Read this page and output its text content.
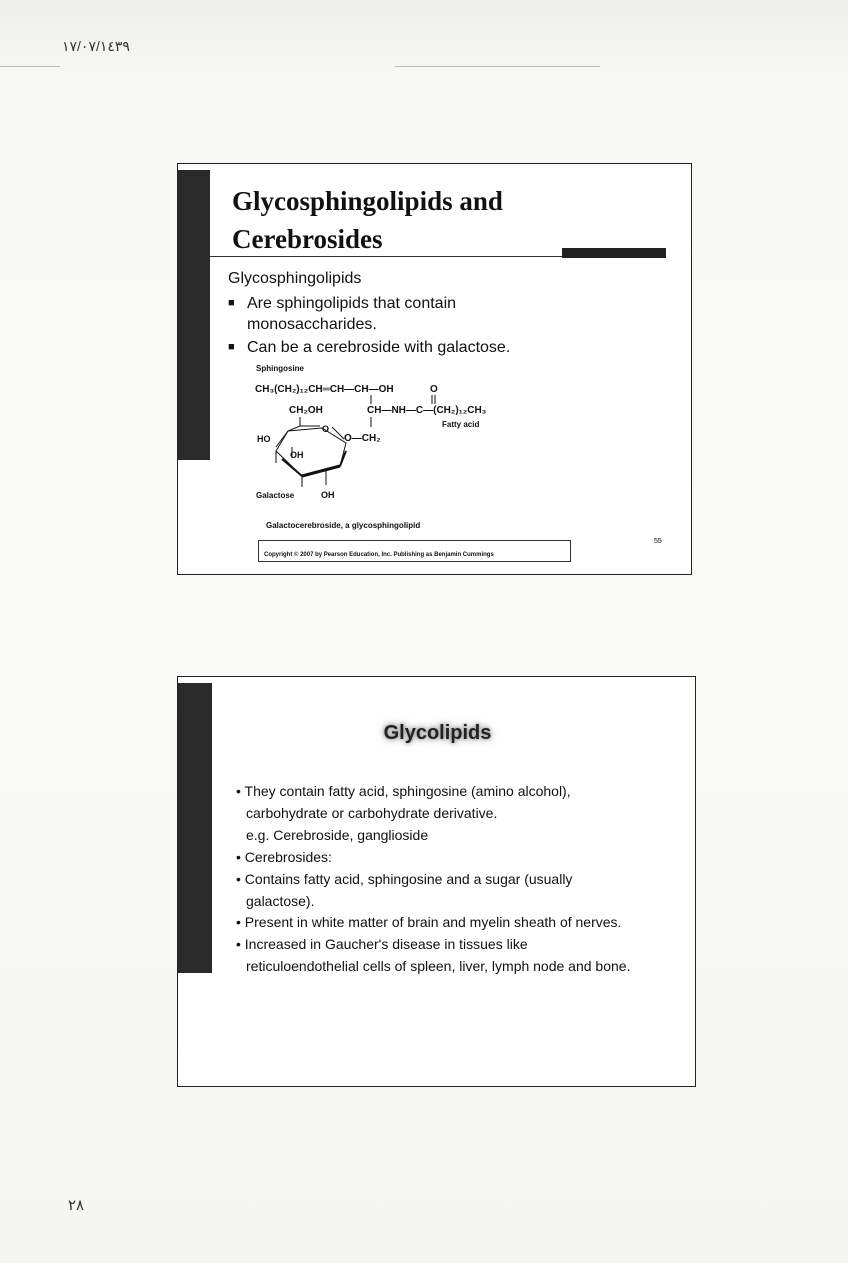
١٧/٠٧/١٤٣٩
Glycosphingolipids and
Cerebrosides
Glycosphingolipids
■ Are sphingolipids that contain
monosaccharides.
■ Can be a cerebroside with galactose.
Sphingosine
CH₃(CH₂)₁₂CH═CH—CH—OH	O
CH₂OH	CH—NH—C—(CH₂)₁₂CH₃
Fatty acid
O
HO	O—CH₂
OH
Galactose	OH
Galactocerebroside, a glycosphingolipid
55
Copyright © 2007 by Pearson Education, Inc. Publishing as Benjamin Cummings
Glycolipids
• They contain fatty acid, sphingosine (amino alcohol),
carbohydrate or carbohydrate derivative.
e.g. Cerebroside, ganglioside
• Cerebrosides:
• Contains fatty acid, sphingosine and a sugar (usually
galactose).
• Present in white matter of brain and myelin sheath of nerves.
• Increased in Gaucher's disease in tissues like
reticuloendothelial cells of spleen, liver, lymph node and bone.
٢٨
